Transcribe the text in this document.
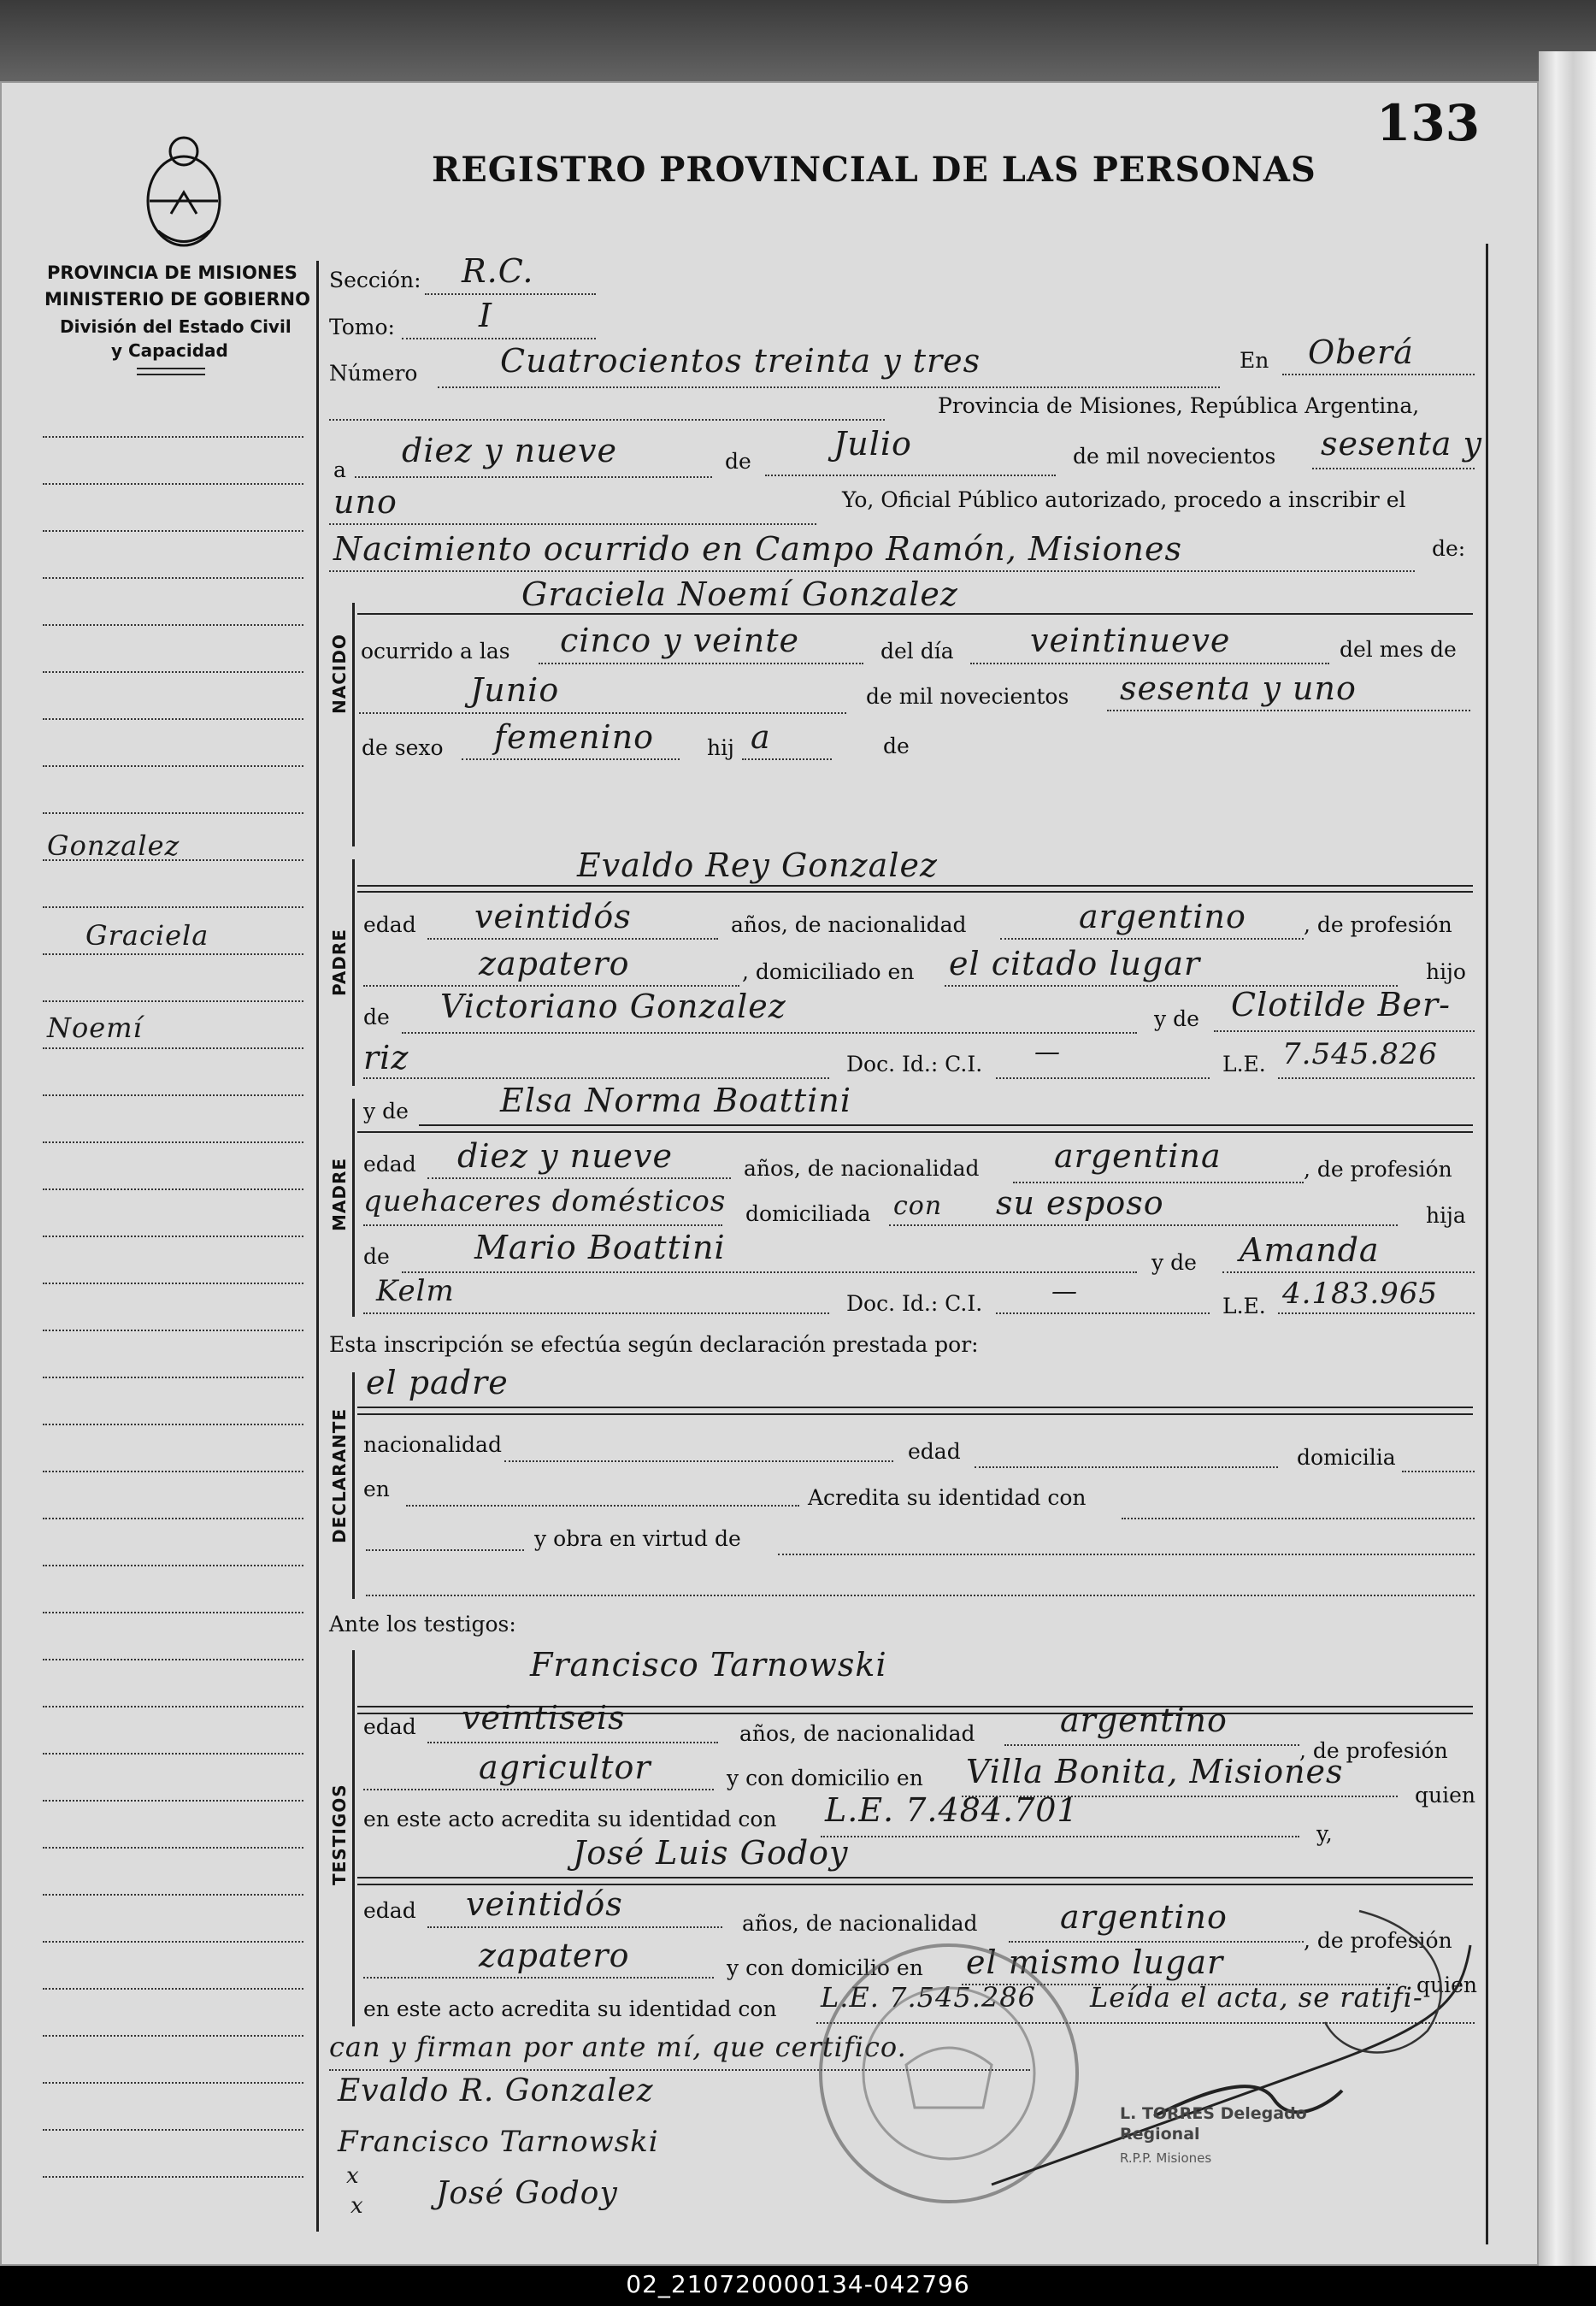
133
REGISTRO PROVINCIAL DE LAS PERSONAS
PROVINCIA DE MISIONES
MINISTERIO DE GOBIERNO
División del Estado Civil
y Capacidad
Gonzalez
Graciela
Noemí
Sección: R.C.
Tomo:	I
Número	Cuatrocientos treinta y tres	En Oberá
Provincia de Misiones, República Argentina,
a
diez y nueve	de	Julio	de mil novecientos sesenta y
uno	Yo, Oficial Público autorizado, procedo a inscribir el
Nacimiento ocurrido en Campo Ramón, Misiones	de:
NACIDO
Graciela Noemí Gonzalez
ocurrido a las cinco y veinte	del día veintinueve	del mes de
Junio	de mil novecientos sesenta y uno
de sexo femenino hij a	de
PADRE
Evaldo Rey Gonzalez
edad veintidós	años, de nacionalidad	argentino	, de profesión
zapatero	, domiciliado en el citado lugar	hijo
de Victoriano Gonzalez	y de Clotilde Ber-
riz	Doc. Id.: C.I. —	L.E. 7.545.826
MADRE
y de	Elsa Norma Boattini
edad diez y nueve	años, de nacionalidad argentina	, de profesión
quehaceres domésticos domiciliada con su esposo	hija
de	Mario Boattini	y de Amanda
Kelm	Doc. Id.: C.I.	—	L.E. 4.183.965
Esta inscripción se efectúa según declaración prestada por:
DECLARANTE
el padre
nacionalidad	edad	domicilia
en	Acredita su identidad con
y obra en virtud de
Ante los testigos:
TESTIGOS
Francisco Tarnowski
edad veintiseis	años, de nacionalidad	argentino
, de profesión
agricultor	y con domicilio en Villa Bonita, Misiones
quien
en este acto acredita su identidad con L.E. 7.484.701
y,
José Luis Godoy
edad veintidós
años, de nacionalidad	argentino
, de profesión
zapatero	y con domicilio en el mismo lugar
quien
en este acto acredita su identidad con L.E. 7.545.286 Leída el acta, se ratifi-
can y firman por ante mí, que certifico.
Evaldo R. Gonzalez
Francisco Tarnowski
x
x José Godoy
L. TORRES Delegado Regional
R.P.P. Misiones
02_210720000134-042796
